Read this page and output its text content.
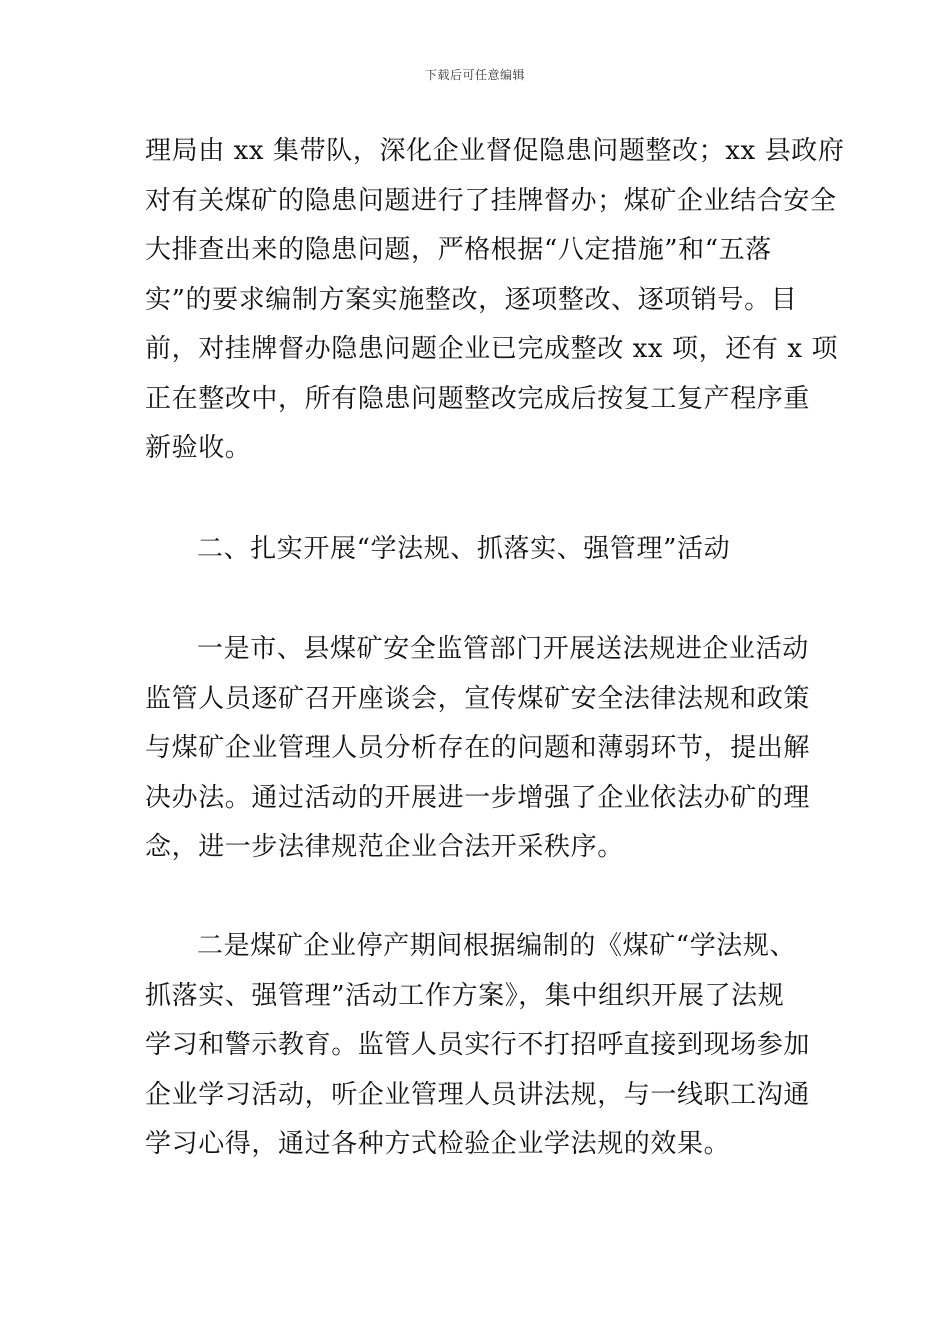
下载后可任意编辑
理局由 xx 集带队，深化企业督促隐患问题整改；xx 县政府
对有关煤矿的隐患问题进行了挂牌督办；煤矿企业结合安全
大排查出来的隐患问题，严格根据“八定措施”和“五落
实”的要求编制方案实施整改，逐项整改、逐项销号。目
前，对挂牌督办隐患问题企业已完成整改 xx 项，还有 x 项
正在整改中，所有隐患问题整改完成后按复工复产程序重
新验收。
二、扎实开展“学法规、抓落实、强管理”活动
一是市、县煤矿安全监管部门开展送法规进企业活动
监管人员逐矿召开座谈会，宣传煤矿安全法律法规和政策
与煤矿企业管理人员分析存在的问题和薄弱环节，提出解
决办法。通过活动的开展进一步增强了企业依法办矿的理
念，进一步法律规范企业合法开采秩序。
二是煤矿企业停产期间根据编制的《煤矿“学法规、
抓落实、强管理”活动工作方案》，集中组织开展了法规
学习和警示教育。监管人员实行不打招呼直接到现场参加
企业学习活动，听企业管理人员讲法规，与一线职工沟通
学习心得，通过各种方式检验企业学法规的效果。
